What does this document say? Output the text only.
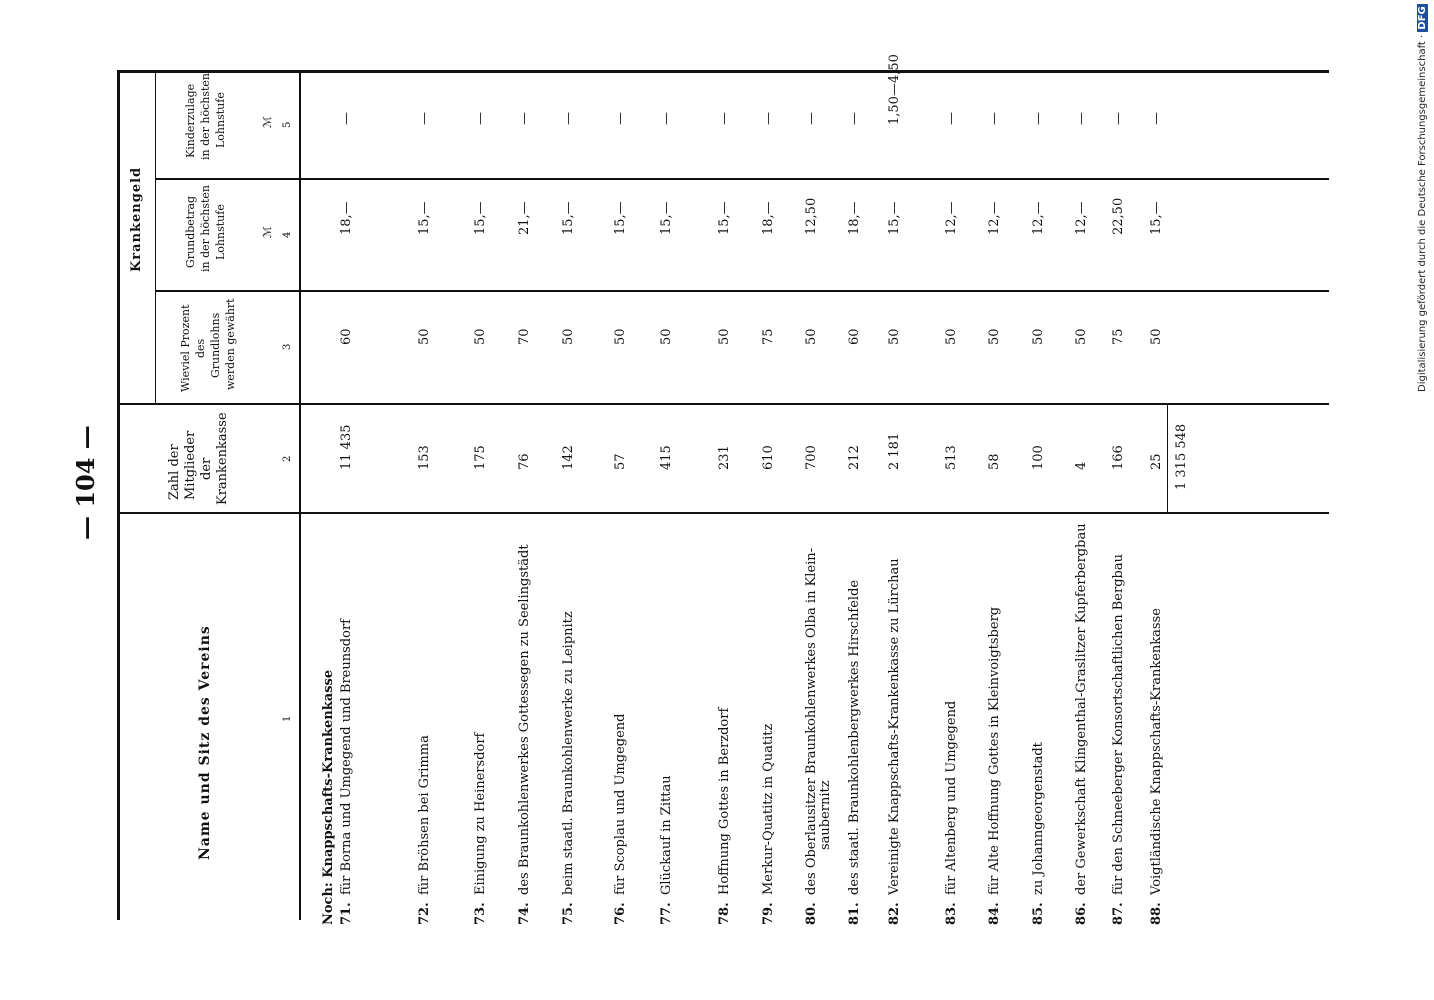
— 104 —
Digitalisierung gefördert durch die Deutsche Forschungsgemeinschaft · DFG
Name und Sitz des Vereins
Zahl der Mitglieder der Krankenkasse
Krankengeld
Wieviel Prozent des Grundlohns werden gewährt
Grundbetrag in der höchsten Lohnstufe	ℳ
Kinderzulage in der höchsten Lohnstufe	ℳ
1
2
3
4
5
Noch: Knappschafts-Krankenkasse 71.
für Borna und Umgegend und Breunsdorf
11 435
60
18,—
—
72.
für Bröhsen bei Grimma
153
50
15,—
—
73.
Einigung zu Heinersdorf
175
50
15,—
—
74.
des Braunkohlenwerkes Gottessegen zu Seelingstädt
76
70
21,—
—
75.
beim staatl. Braunkohlenwerke zu Leipnitz
142
50
15,—
—
76.
für Scoplau und Umgegend
57
50
15,—
—
77.
Glückauf in Zittau
415
50
15,—
—
78.
Hoffnung Gottes in Berzdorf
231
50
15,—
—
79.
Merkur-Quatitz in Quatitz
610
75
18,—
—
80.
des Oberlausitzer Braunkohlenwerkes Olba in Klein- saubernitz
700
50
12,50
—
81.
des staatl. Braunkohlenbergwerkes Hirschfelde
212
60
18,—
—
82.
Vereinigte Knappschafts-Krankenkasse zu Lürchau
2 181
50
15,—
1,50—4,50
83.
für Altenberg und Umgegend
513
50
12,—
—
84.
für Alte Hoffnung Gottes in Kleinvoigtsberg
58
50
12,—
—
85.
zu Johanngeorgenstadt
100
50
12,—
—
86.
der Gewerkschaft Klingenthal-Graslitzer Kupferbergbau
4
50
12,—
—
87.
für den Schneeberger Konsortschaftlichen Bergbau
166
75
22,50
—
88.
Voigtländische Knappschafts-Krankenkasse
25
50
15,—
—
1 315 548
